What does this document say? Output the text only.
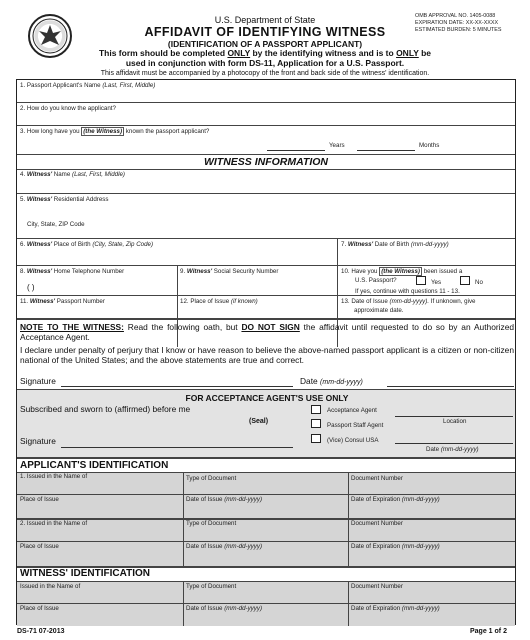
U.S. Department of State	OMB APPROVAL NO. 1405-0088
EXPIRATION DATE: XX-XX-XXXX
ESTIMATED BURDEN: 5 MINUTES
AFFIDAVIT OF IDENTIFYING WITNESS
(IDENTIFICATION OF A PASSPORT APPLICANT)
This form should be completed ONLY by the identifying witness and is to ONLY be
used in conjunction with form DS-11, Application for a U.S. Passport.
This affidavit must be accompanied by a photocopy of the front and back side of the witness' identification.
1. Passport Applicant's Name (Last, First, Middle)
2. How do you know the applicant?
3. How long have you (the Witness) known the passport applicant?
Years	Months
WITNESS INFORMATION
4. Witness' Name (Last, First, Middle)
5. Witness' Residential Address
City, State, ZIP Code
6. Witness' Place of Birth (City, State, Zip Code)	7. Witness' Date of Birth (mm-dd-yyyy)
8. Witness' Home Telephone Number
( )
9. Witness' Social Security Number	10. Have you (the Witness) been issued a
U.S. Passport?	Yes	No
If yes, continue with questions 11 - 13.
11. Witness' Passport Number	12. Place of Issue (if known)	13. Date of Issue (mm-dd-yyyy). If unknown, give
approximate date.
NOTE TO THE WITNESS: Read the following oath, but DO NOT SIGN the affidavit until requested to do so by an Authorized Acceptance Agent.
I declare under penalty of perjury that I know or have reason to believe the above-named passport applicant is a citizen or non-citizen national of the United States; and the above statements are true and correct.
Signature	Date (mm-dd-yyyy)
FOR ACCEPTANCE AGENT'S USE ONLY
Subscribed and sworn to (affirmed) before me
(Seal)
Signature
Acceptance Agent
Passport Staff Agent
(Vice) Consul USA
Location
Date (mm-dd-yyyy)
APPLICANT'S IDENTIFICATION
1. Issued in the Name of	Type of Document	Document Number
Place of Issue	Date of Issue (mm-dd-yyyy)	Date of Expiration (mm-dd-yyyy)
2. Issued in the Name of	Type of Document	Document Number
Place of Issue	Date of Issue (mm-dd-yyyy)	Date of Expiration (mm-dd-yyyy)
WITNESS' IDENTIFICATION
Issued in the Name of	Type of Document	Document Number
Place of Issue	Date of Issue (mm-dd-yyyy)	Date of Expiration (mm-dd-yyyy)
DS-71 07-2013	Page 1 of 2
